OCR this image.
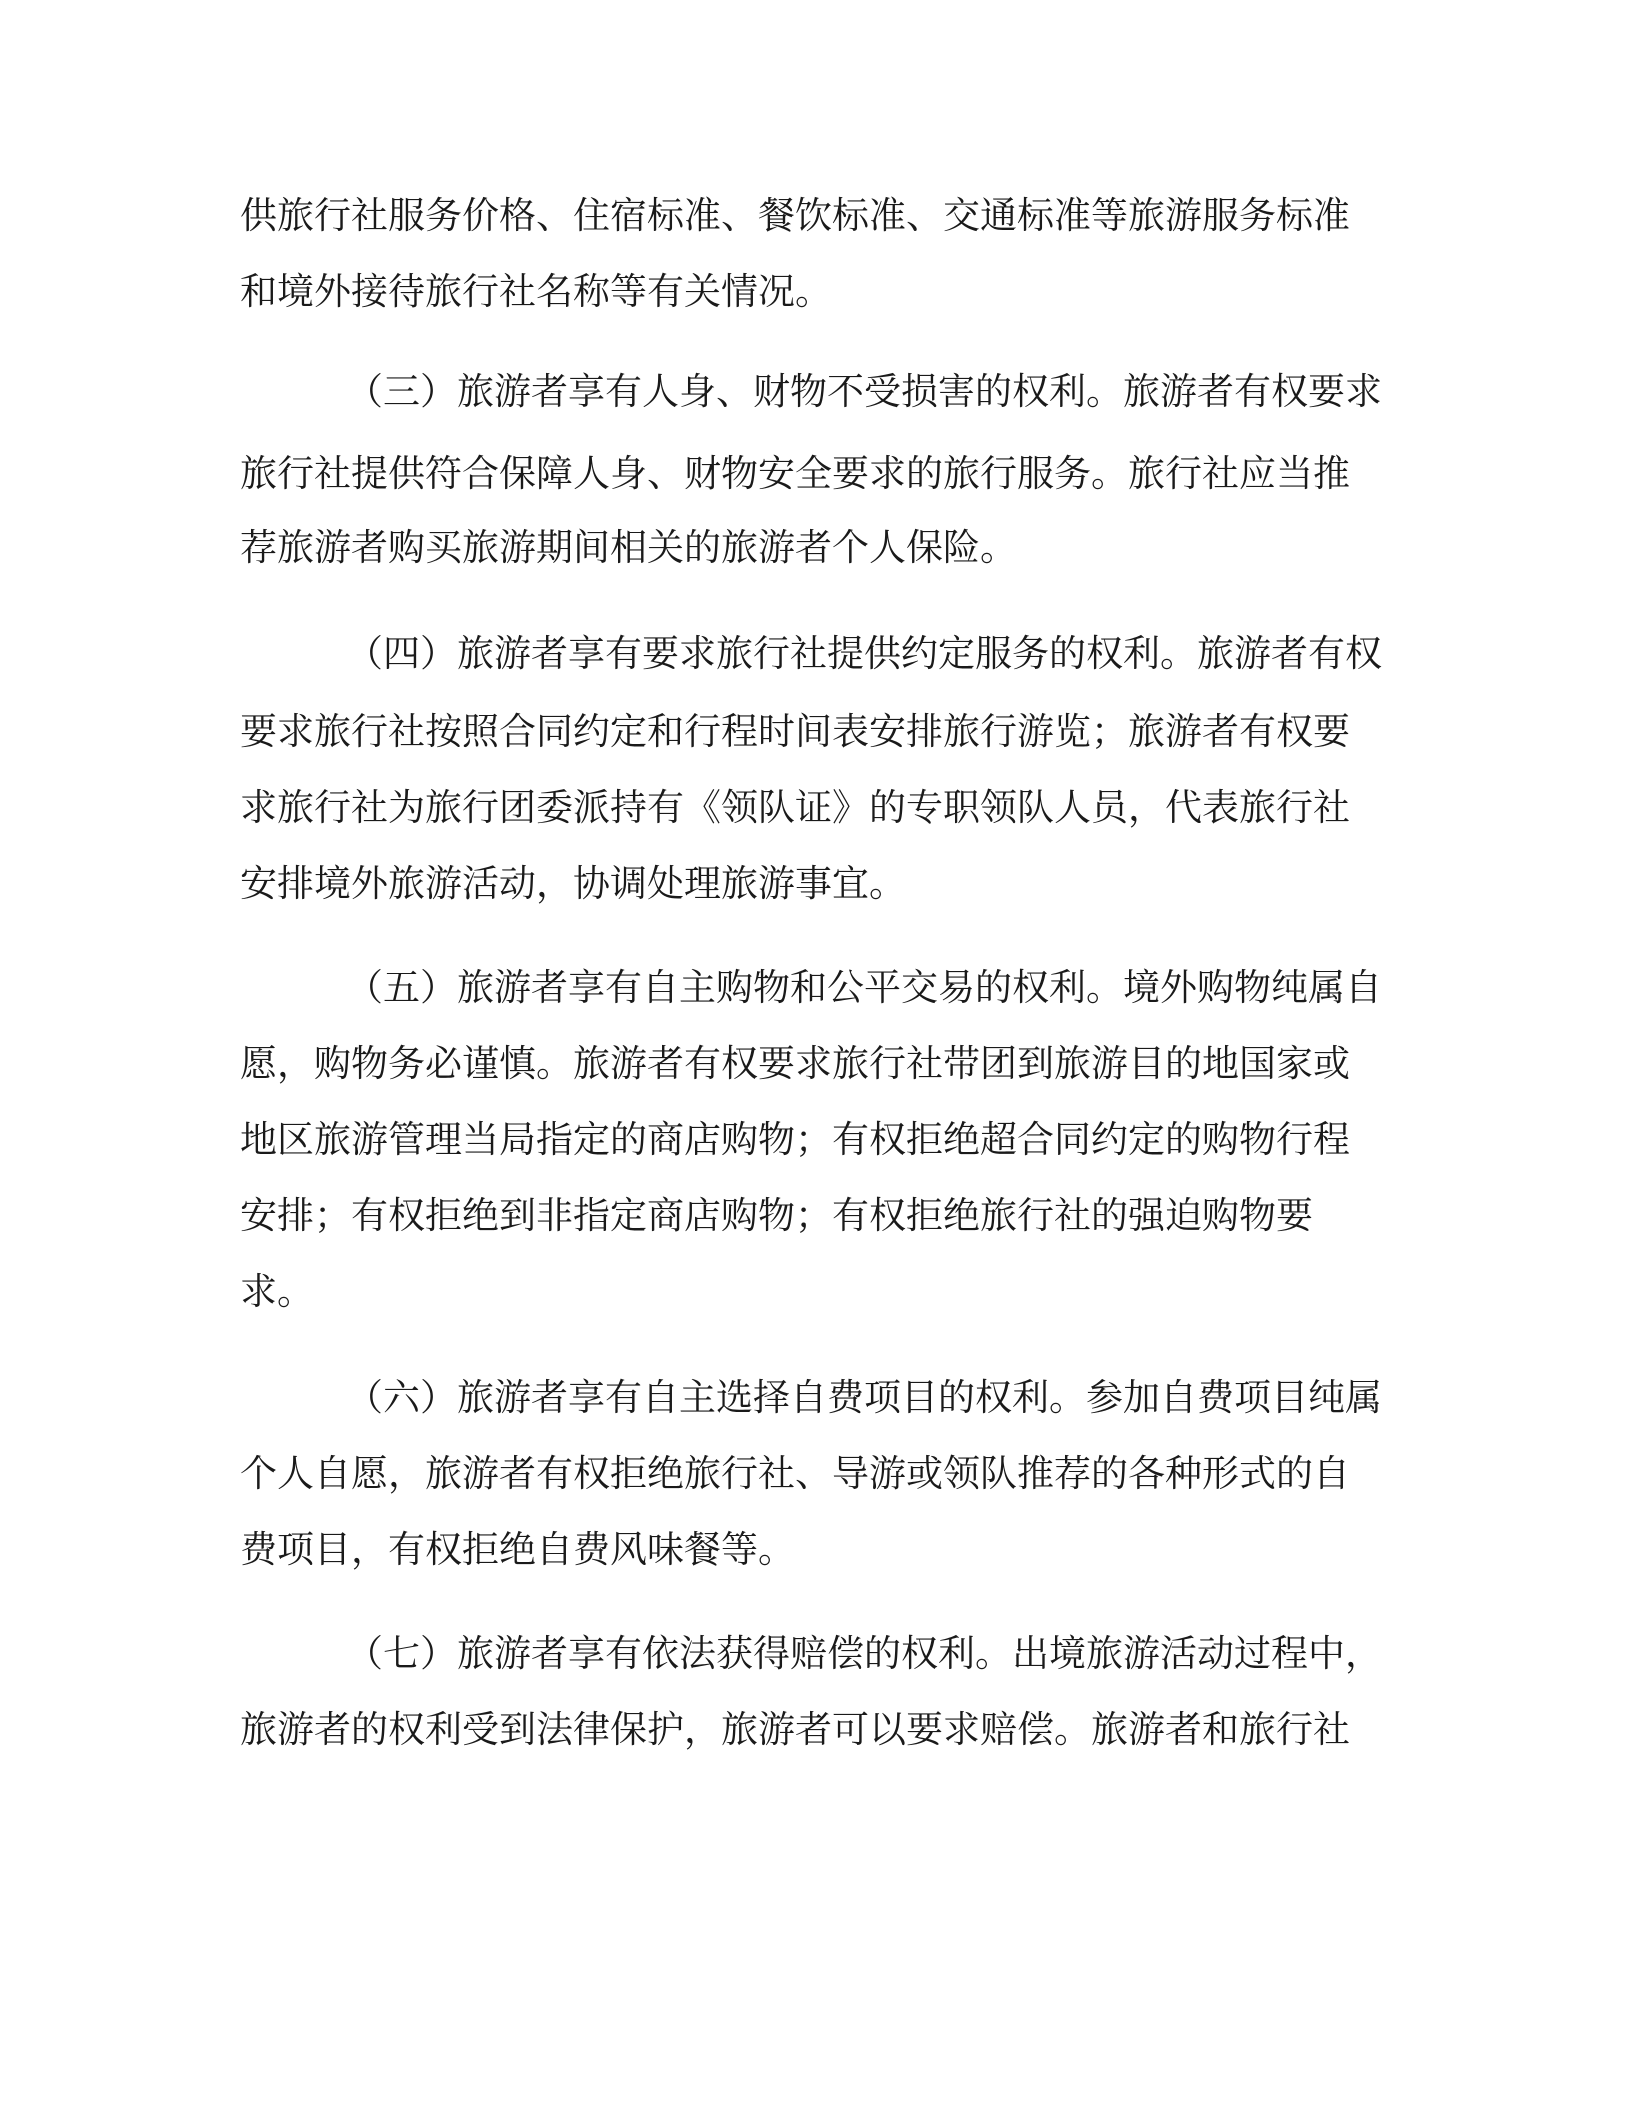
供旅行社服务价格、住宿标准、餐饮标准、交通标准等旅游服务标准
和境外接待旅行社名称等有关情况。
（三）旅游者享有人身、财物不受损害的权利。旅游者有权要求
旅行社提供符合保障人身、财物安全要求的旅行服务。旅行社应当推
荐旅游者购买旅游期间相关的旅游者个人保险。
（四）旅游者享有要求旅行社提供约定服务的权利。旅游者有权
要求旅行社按照合同约定和行程时间表安排旅行游览；旅游者有权要
求旅行社为旅行团委派持有《领队证》的专职领队人员，代表旅行社
安排境外旅游活动，协调处理旅游事宜。
（五）旅游者享有自主购物和公平交易的权利。境外购物纯属自
愿，购物务必谨慎。旅游者有权要求旅行社带团到旅游目的地国家或
地区旅游管理当局指定的商店购物；有权拒绝超合同约定的购物行程
安排；有权拒绝到非指定商店购物；有权拒绝旅行社的强迫购物要
求。
（六）旅游者享有自主选择自费项目的权利。参加自费项目纯属
个人自愿，旅游者有权拒绝旅行社、导游或领队推荐的各种形式的自
费项目，有权拒绝自费风味餐等。
（七）旅游者享有依法获得赔偿的权利。出境旅游活动过程中，
旅游者的权利受到法律保护，旅游者可以要求赔偿。旅游者和旅行社
